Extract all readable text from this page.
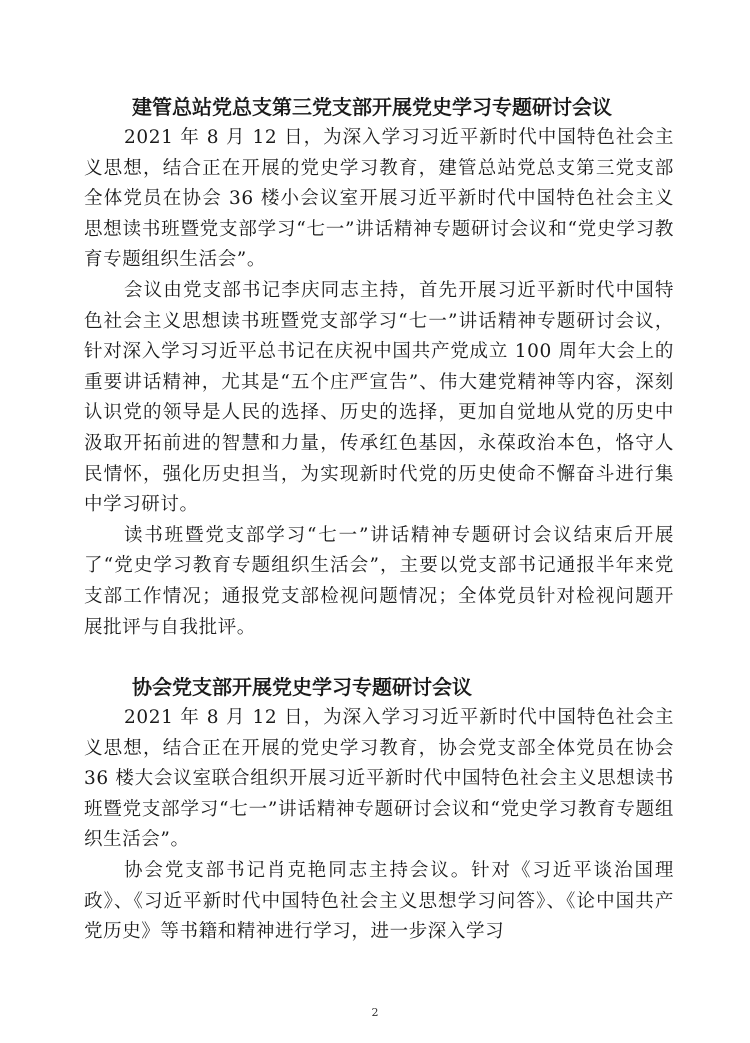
建管总站党总支第三党支部开展党史学习专题研讨会议

2021 年 8 月 12 日，为深入学习习近平新时代中国特色社会主义思想，结合正在开展的党史学习教育，建管总站党总支第三党支部全体党员在协会 36 楼小会议室开展习近平新时代中国特色社会主义思想读书班暨党支部学习“七一”讲话精神专题研讨会议和“党史学习教育专题组织生活会”。

会议由党支部书记李庆同志主持，首先开展习近平新时代中国特色社会主义思想读书班暨党支部学习“七一”讲话精神专题研讨会议，针对深入学习习近平总书记在庆祝中国共产党成立 100 周年大会上的重要讲话精神，尤其是“五个庄严宣告”、伟大建党精神等内容，深刻认识党的领导是人民的选择、历史的选择，更加自觉地从党的历史中汲取开拓前进的智慧和力量，传承红色基因，永葆政治本色，恪守人民情怀，强化历史担当，为实现新时代党的历史使命不懈奋斗进行集中学习研讨。

读书班暨党支部学习“七一”讲话精神专题研讨会议结束后开展了“党史学习教育专题组织生活会”，主要以党支部书记通报半年来党支部工作情况；通报党支部检视问题情况；全体党员针对检视问题开展批评与自我批评。

协会党支部开展党史学习专题研讨会议

2021 年 8 月 12 日，为深入学习习近平新时代中国特色社会主义思想，结合正在开展的党史学习教育，协会党支部全体党员在协会 36 楼大会议室联合组织开展习近平新时代中国特色社会主义思想读书班暨党支部学习“七一”讲话精神专题研讨会议和“党史学习教育专题组织生活会”。

协会党支部书记肖克艳同志主持会议。针对《习近平谈治国理政》、《习近平新时代中国特色社会主义思想学习问答》、《论中国共产党历史》等书籍和精神进行学习，进一步深入学习

2
